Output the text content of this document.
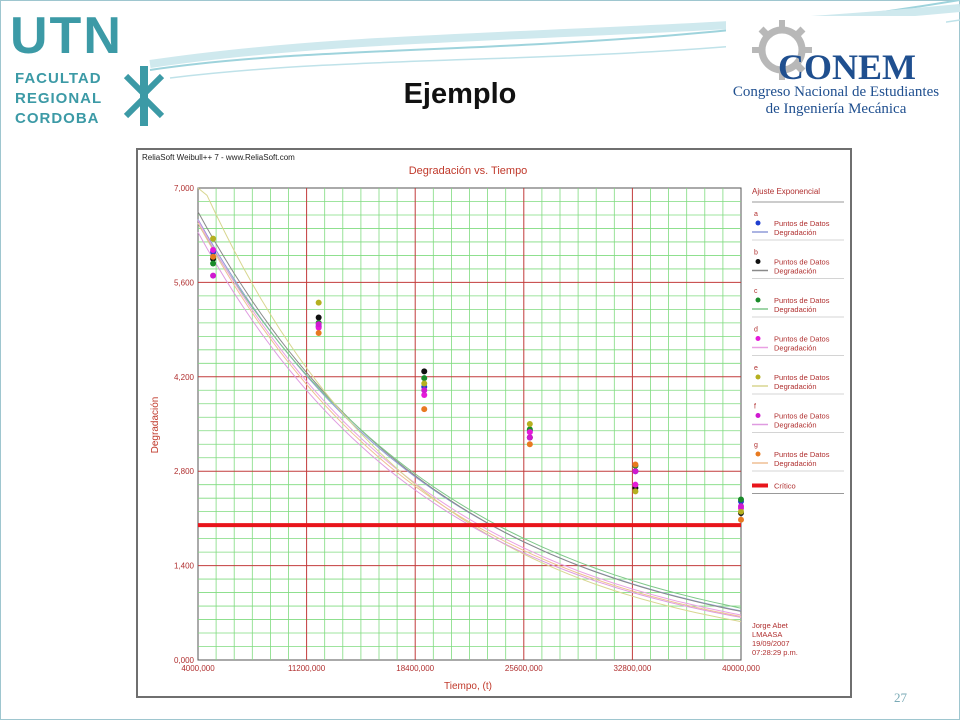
UTN
FACULTAD
REGIONAL
CORDOBA
Ejemplo
CONEM
Congreso Nacional de Estudiantes
de Ingeniería Mecánica
ReliaSoft Weibull++ 7 - www.ReliaSoft.com
Degradación vs. Tiempo
Tiempo, (t)
Degradación
4000,000	11200,000	18400,000	25600,000	32800,000	40000,000
0,000
1,400
2,800
4,200
5,600
7,000	Ajuste Exponencial
a
Puntos de Datos
Degradación
b
Puntos de Datos
Degradación
c
Puntos de Datos
Degradación
d
Puntos de Datos
Degradación
e
Puntos de Datos
Degradación
f
Puntos de Datos
Degradación
g
Puntos de Datos
Degradación
Crítico
Jorge Abet
LMAASA
19/09/2007
07:28:29 p.m.
27
